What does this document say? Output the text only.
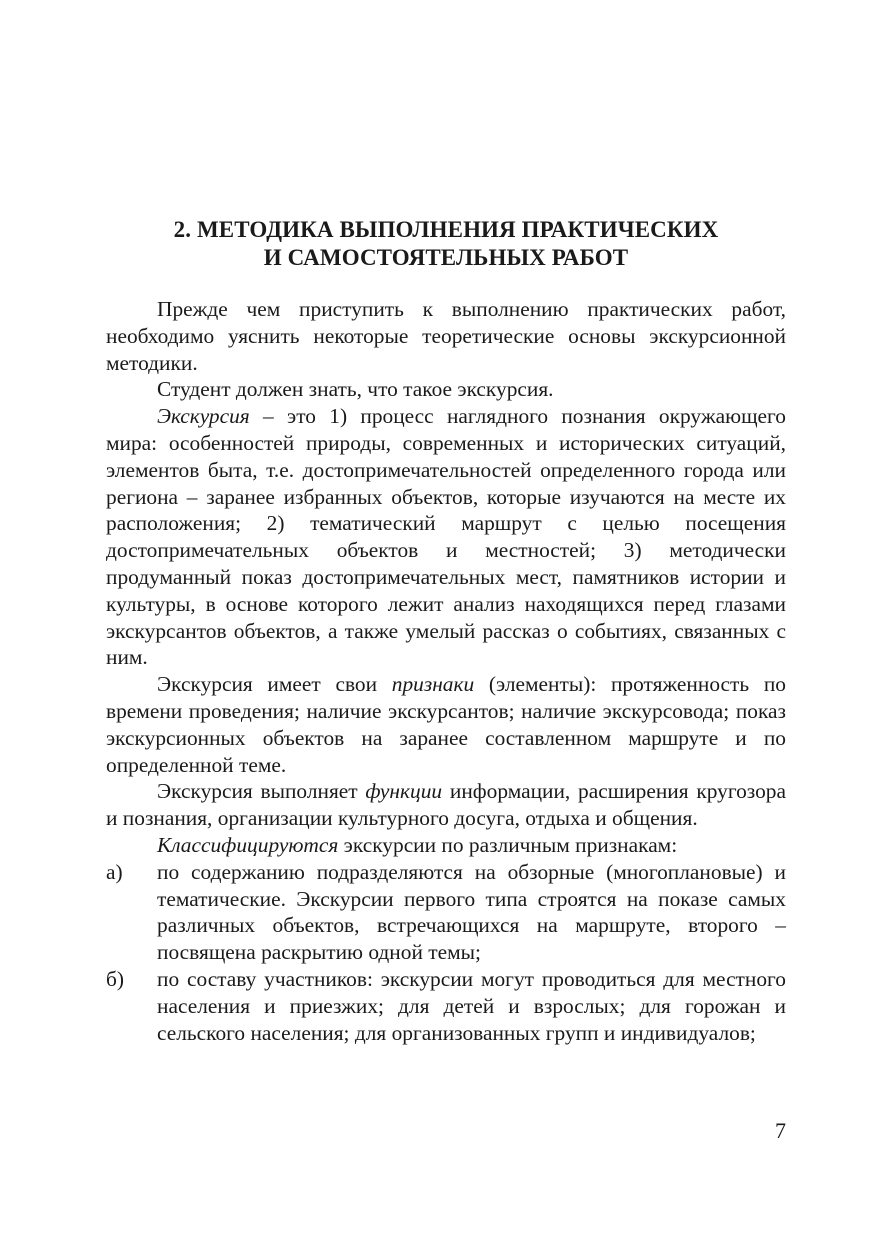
2. МЕТОДИКА ВЫПОЛНЕНИЯ ПРАКТИЧЕСКИХ
И САМОСТОЯТЕЛЬНЫХ РАБОТ

Прежде чем приступить к выполнению практических работ, необходимо уяснить некоторые теоретические основы экскурсионной методики.

Студент должен знать, что такое экскурсия.

Экскурсия – это 1) процесс наглядного познания окружающего мира: особенностей природы, современных и исторических ситуаций, элементов быта, т.е. достопримечательностей определенного города или региона – заранее избранных объектов, которые изучаются на месте их расположения; 2) тематический маршрут с целью посещения достопримечательных объектов и местностей; 3) методически продуманный показ достопримечательных мест, памятников истории и культуры, в основе которого лежит анализ находящихся перед глазами экскурсантов объектов, а также умелый рассказ о событиях, связанных с ним.

Экскурсия имеет свои признаки (элементы): протяженность по времени проведения; наличие экскурсантов; наличие экскурсовода; показ экскурсионных объектов на заранее составленном маршруте и по определенной теме.

Экскурсия выполняет функции информации, расширения кругозора и познания, организации культурного досуга, отдыха и общения.

Классифицируются экскурсии по различным признакам:

а)	по содержанию подразделяются на обзорные (многоплановые) и тематические. Экскурсии первого типа строятся на показе самых различных объектов, встречающихся на маршруте, второго – посвящена раскрытию одной темы;
б)	по составу участников: экскурсии могут проводиться для местного населения и приезжих; для детей и взрослых; для горожан и сельского населения; для организованных групп и индивидуалов;
7
